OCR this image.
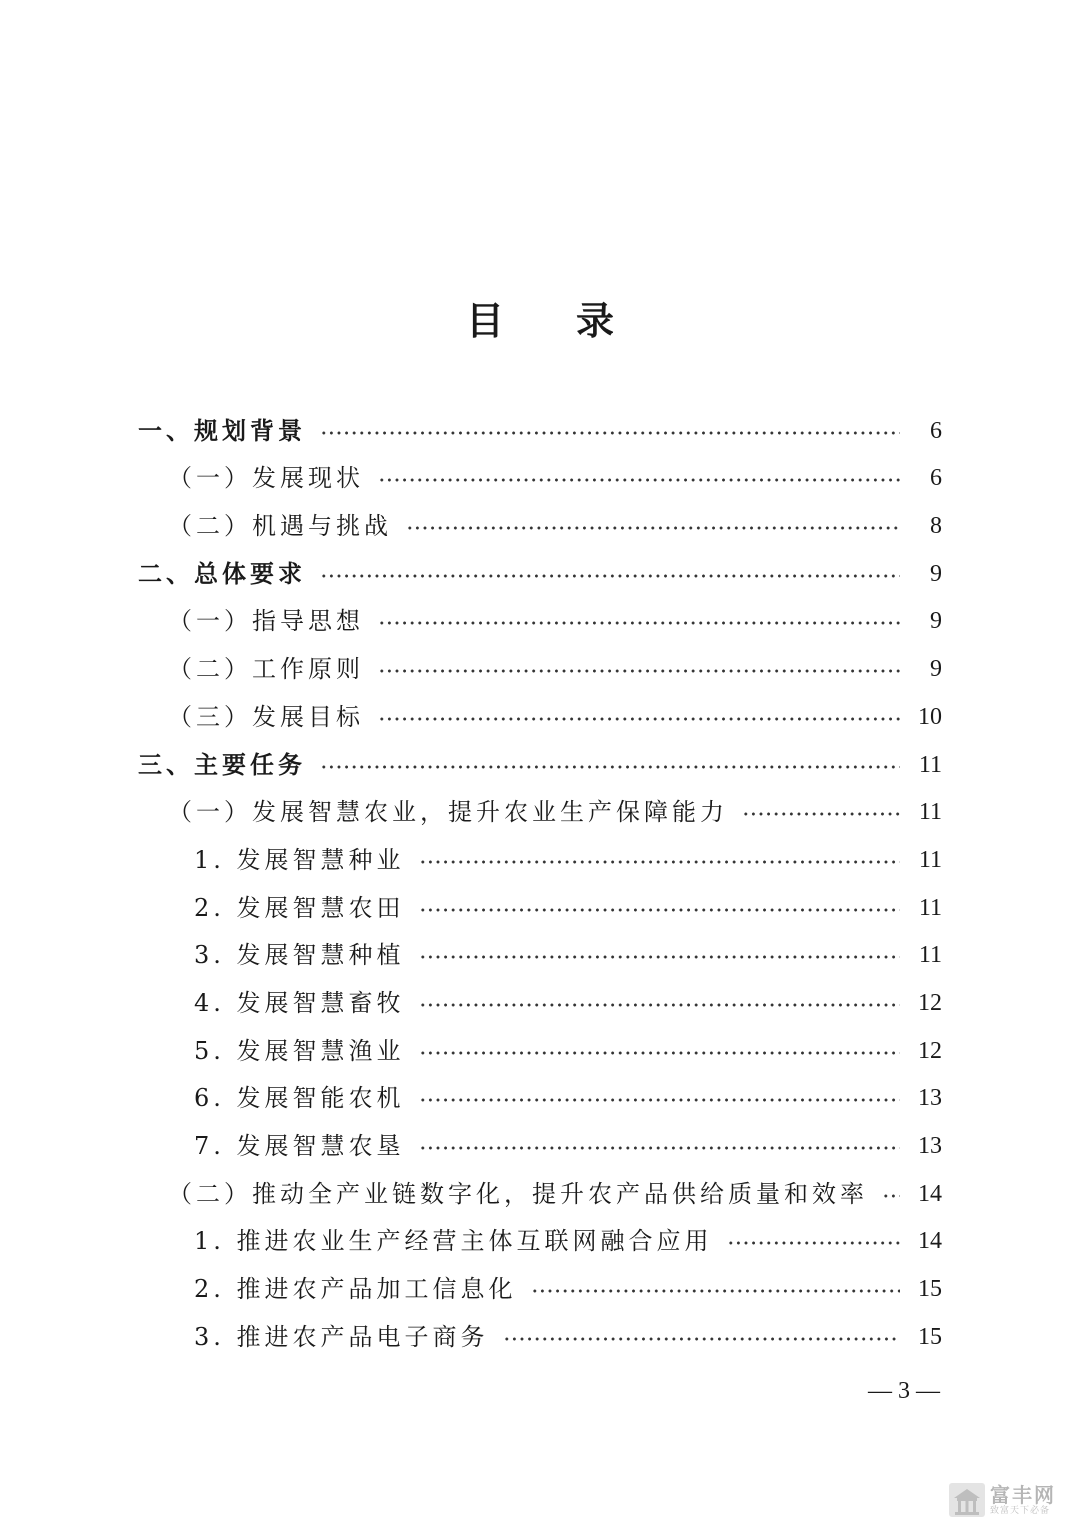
目录
一、规划背景	6
（一）发展现状	6
（二）机遇与挑战	8
二、总体要求	9
（一）指导思想	9
（二）工作原则	9
（三）发展目标	10
三、主要任务	11
（一）发展智慧农业，提升农业生产保障能力	11
1. 发展智慧种业	11
2. 发展智慧农田	11
3. 发展智慧种植	11
4. 发展智慧畜牧	12
5. 发展智慧渔业	12
6. 发展智能农机	13
7. 发展智慧农垦	13
（二）推动全产业链数字化，提升农产品供给质量和效率 14
1. 推进农业生产经营主体互联网融合应用	14
2. 推进农产品加工信息化	15
3. 推进农产品电子商务	15
— 3 —
富丰网
致富天下必备
